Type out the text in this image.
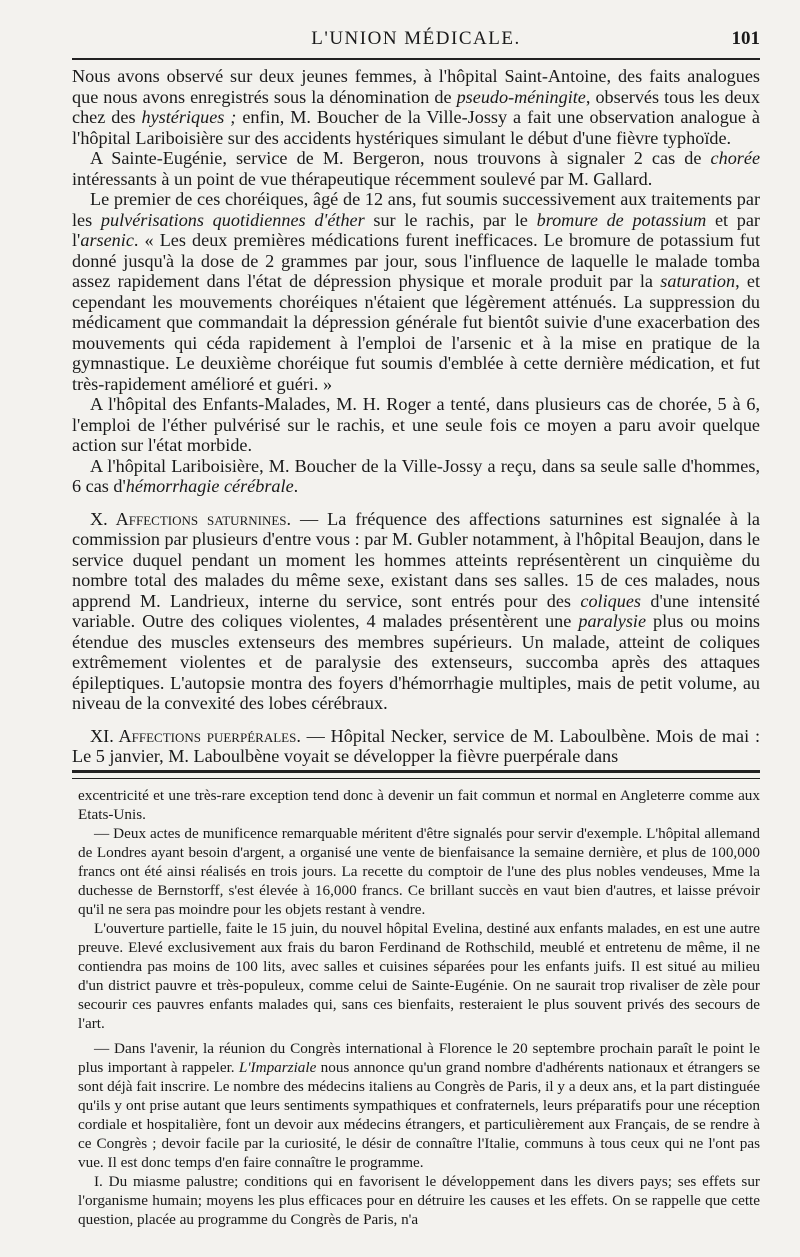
L'UNION MÉDICALE.	101

Nous avons observé sur deux jeunes femmes, à l'hôpital Saint-Antoine, des faits analogues que nous avons enregistrés sous la dénomination de pseudo-méningite, observés tous les deux chez des hystériques ; enfin, M. Boucher de la Ville-Jossy a fait une observation analogue à l'hôpital Lariboisière sur des accidents hystériques simulant le début d'une fièvre typhoïde.

A Sainte-Eugénie, service de M. Bergeron, nous trouvons à signaler 2 cas de chorée intéressants à un point de vue thérapeutique récemment soulevé par M. Gallard.

Le premier de ces choréiques, âgé de 12 ans, fut soumis successivement aux traitements par les pulvérisations quotidiennes d'éther sur le rachis, par le bromure de potassium et par l'arsenic. « Les deux premières médications furent inefficaces. Le bromure de potassium fut donné jusqu'à la dose de 2 grammes par jour, sous l'influence de laquelle le malade tomba assez rapidement dans l'état de dépression physique et morale produit par la saturation, et cependant les mouvements choréiques n'étaient que légèrement atténués. La suppression du médicament que commandait la dépression générale fut bientôt suivie d'une exacerbation des mouvements qui céda rapidement à l'emploi de l'arsenic et à la mise en pratique de la gymnastique. Le deuxième choréique fut soumis d'emblée à cette dernière médication, et fut très-rapidement amélioré et guéri. »

A l'hôpital des Enfants-Malades, M. H. Roger a tenté, dans plusieurs cas de chorée, 5 à 6, l'emploi de l'éther pulvérisé sur le rachis, et une seule fois ce moyen a paru avoir quelque action sur l'état morbide.

A l'hôpital Lariboisière, M. Boucher de la Ville-Jossy a reçu, dans sa seule salle d'hommes, 6 cas d'hémorrhagie cérébrale.

X. Affections saturnines. — La fréquence des affections saturnines est signalée à la commission par plusieurs d'entre vous : par M. Gubler notamment, à l'hôpital Beaujon, dans le service duquel pendant un moment les hommes atteints représentèrent un cinquième du nombre total des malades du même sexe, existant dans ses salles. 15 de ces malades, nous apprend M. Landrieux, interne du service, sont entrés pour des coliques d'une intensité variable. Outre des coliques violentes, 4 malades présentèrent une paralysie plus ou moins étendue des muscles extenseurs des membres supérieurs. Un malade, atteint de coliques extrêmement violentes et de paralysie des extenseurs, succomba après des attaques épileptiques. L'autopsie montra des foyers d'hémorrhagie multiples, mais de petit volume, au niveau de la convexité des lobes cérébraux.

XI. Affections puerpérales. — Hôpital Necker, service de M. Laboulbène. Mois de mai : Le 5 janvier, M. Laboulbène voyait se développer la fièvre puerpérale dans

excentricité et une très-rare exception tend donc à devenir un fait commun et normal en Angleterre comme aux Etats-Unis.

— Deux actes de munificence remarquable méritent d'être signalés pour servir d'exemple. L'hôpital allemand de Londres ayant besoin d'argent, a organisé une vente de bienfaisance la semaine dernière, et plus de 100,000 francs ont été ainsi réalisés en trois jours. La recette du comptoir de l'une des plus nobles vendeuses, Mme la duchesse de Bernstorff, s'est élevée à 16,000 francs. Ce brillant succès en vaut bien d'autres, et laisse prévoir qu'il ne sera pas moindre pour les objets restant à vendre.

L'ouverture partielle, faite le 15 juin, du nouvel hôpital Evelina, destiné aux enfants malades, en est une autre preuve. Elevé exclusivement aux frais du baron Ferdinand de Rothschild, meublé et entretenu de même, il ne contiendra pas moins de 100 lits, avec salles et cuisines séparées pour les enfants juifs. Il est situé au milieu d'un district pauvre et très-populeux, comme celui de Sainte-Eugénie. On ne saurait trop rivaliser de zèle pour secourir ces pauvres enfants malades qui, sans ces bienfaits, resteraient le plus souvent privés des secours de l'art.

— Dans l'avenir, la réunion du Congrès international à Florence le 20 septembre prochain paraît le point le plus important à rappeler. L'Imparziale nous annonce qu'un grand nombre d'adhérents nationaux et étrangers se sont déjà fait inscrire. Le nombre des médecins italiens au Congrès de Paris, il y a deux ans, et la part distinguée qu'ils y ont prise autant que leurs sentiments sympathiques et confraternels, leurs préparatifs pour une réception cordiale et hospitalière, font un devoir aux médecins étrangers, et particulièrement aux Français, de se rendre à ce Congrès ; devoir facile par la curiosité, le désir de connaître l'Italie, communs à tous ceux qui ne l'ont pas vue. Il est donc temps d'en faire connaître le programme.

I. Du miasme palustre; conditions qui en favorisent le développement dans les divers pays; ses effets sur l'organisme humain; moyens les plus efficaces pour en détruire les causes et les effets. On se rappelle que cette question, placée au programme du Congrès de Paris, n'a
